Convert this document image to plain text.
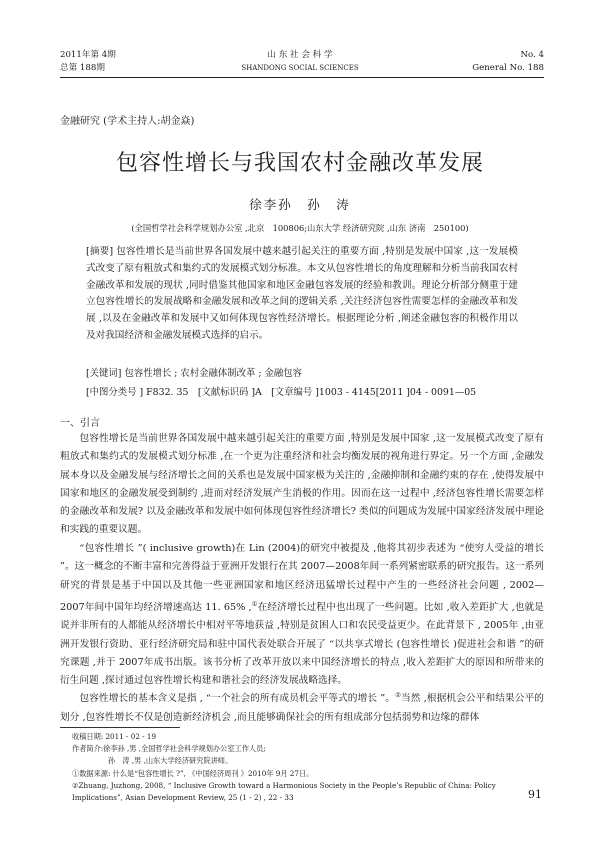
2011年第 4期
总第 188期
山 东 社 会 科 学
SHANDONG SOCIAL SCIENCES
No. 4
General No. 188
金融研究 (学术主持人:胡金焱)
包容性增长与我国农村金融改革发展
徐李孙　孙　涛
(全国哲学社会科学规划办公室 ,北京　100806;山东大学 经济研究院 ,山东 济南　250100)
[摘要] 包容性增长是当前世界各国发展中越来越引起关注的重要方面 ,特别是发展中国家 ,这一发展模式改变了原有粗放式和集约式的发展模式划分标准。本文从包容性增长的角度理解和分析当前我国农村金融改革和发展的现状 ,同时借鉴其他国家和地区金融包容发展的经验和教训。理论分析部分侧重于建立包容性增长的发展战略和金融发展和改革之间的逻辑关系 ,关注经济包容性需要怎样的金融改革和发展 ,以及在金融改革和发展中又如何体现包容性经济增长。根据理论分析 ,阐述金融包容的积极作用以及对我国经济和金融发展模式选择的启示。
[关键词] 包容性增长 ; 农村金融体制改革 ; 金融包容
[中图分类号 ] F832. 35　[文献标识码 ]A　[文章编号 ]1003 - 4145[2011 ]04 - 0091—05
一、引言
包容性增长是当前世界各国发展中越来越引起关注的重要方面 ,特别是发展中国家 ,这一发展模式改变了原有粗放式和集约式的发展模式划分标准 ,在一个更为注重经济和社会均衡发展的视角进行界定。另一个方面 ,金融发展本身以及金融发展与经济增长之间的关系也是发展中国家极为关注的 ,金融抑制和金融约束的存在 ,使得发展中国家和地区的金融发展受到制约 ,进而对经济发展产生消极的作用。因而在这一过程中 ,经济包容性增长需要怎样的金融改革和发展? 以及金融改革和发展中如何体现包容性经济增长? 类似的问题成为发展中国家经济发展中理论和实践的重要议题。
“包容性增长 ”( inclusive growth)在 Lin (2004)的研究中被提及 ,他将其初步表述为 “使穷人受益的增长 ”。这一概念的不断丰富和完善得益于亚洲开发银行在其 2007—2008年间一系列紧密联系的研究报告。这一系列研究的背景是基于中国以及其他一些亚洲国家和地区经济迅猛增长过程中产生的一些经济社会问题 , 2002—2007年间中国年均经济增速高达 11. 65% ,①在经济增长过程中也出现了一些问题。比如 ,收入差距扩大 ,也就是说并非所有的人都能从经济增长中相对平等地获益 ,特别是贫困人口和农民受益更少。在此背景下 , 2005年 ,由亚洲开发银行资助、亚行经济研究局和驻中国代表处联合开展了 “以共享式增长 (包容性增长 )促进社会和谐 ”的研究课题 ,并于 2007年成书出版。该书分析了改革开放以来中国经济增长的特点 ,收入差距扩大的原因和所带来的衍生问题 ,探讨通过包容性增长构建和谐社会的经济发展战略选择。
包容性增长的基本含义是指 , “一个社会的所有成员机会平等式的增长 ”。②当然 ,根据机会公平和结果公平的划分 ,包容性增长不仅是创造新经济机会 ,而且能够确保社会的所有组成部分包括弱势和边缘的群体
收稿日期: 2011 - 02 - 19
作者简介:徐李孙 ,男 ,全国哲学社会科学规划办公室工作人员;
孙　涛 ,男 ,山东大学经济研究院讲师。
①数据来源: 什么是“包容性增长 ?”, 《中国经济周刊 》2010年 9月 27日。
②Zhuang, Juzhong, 2008, “ Inclusive Growth toward a Harmonious Society in the People’s Republic of China: Policy Implications”, Asian Development Review, 25 (1 - 2) , 22 - 33	91
